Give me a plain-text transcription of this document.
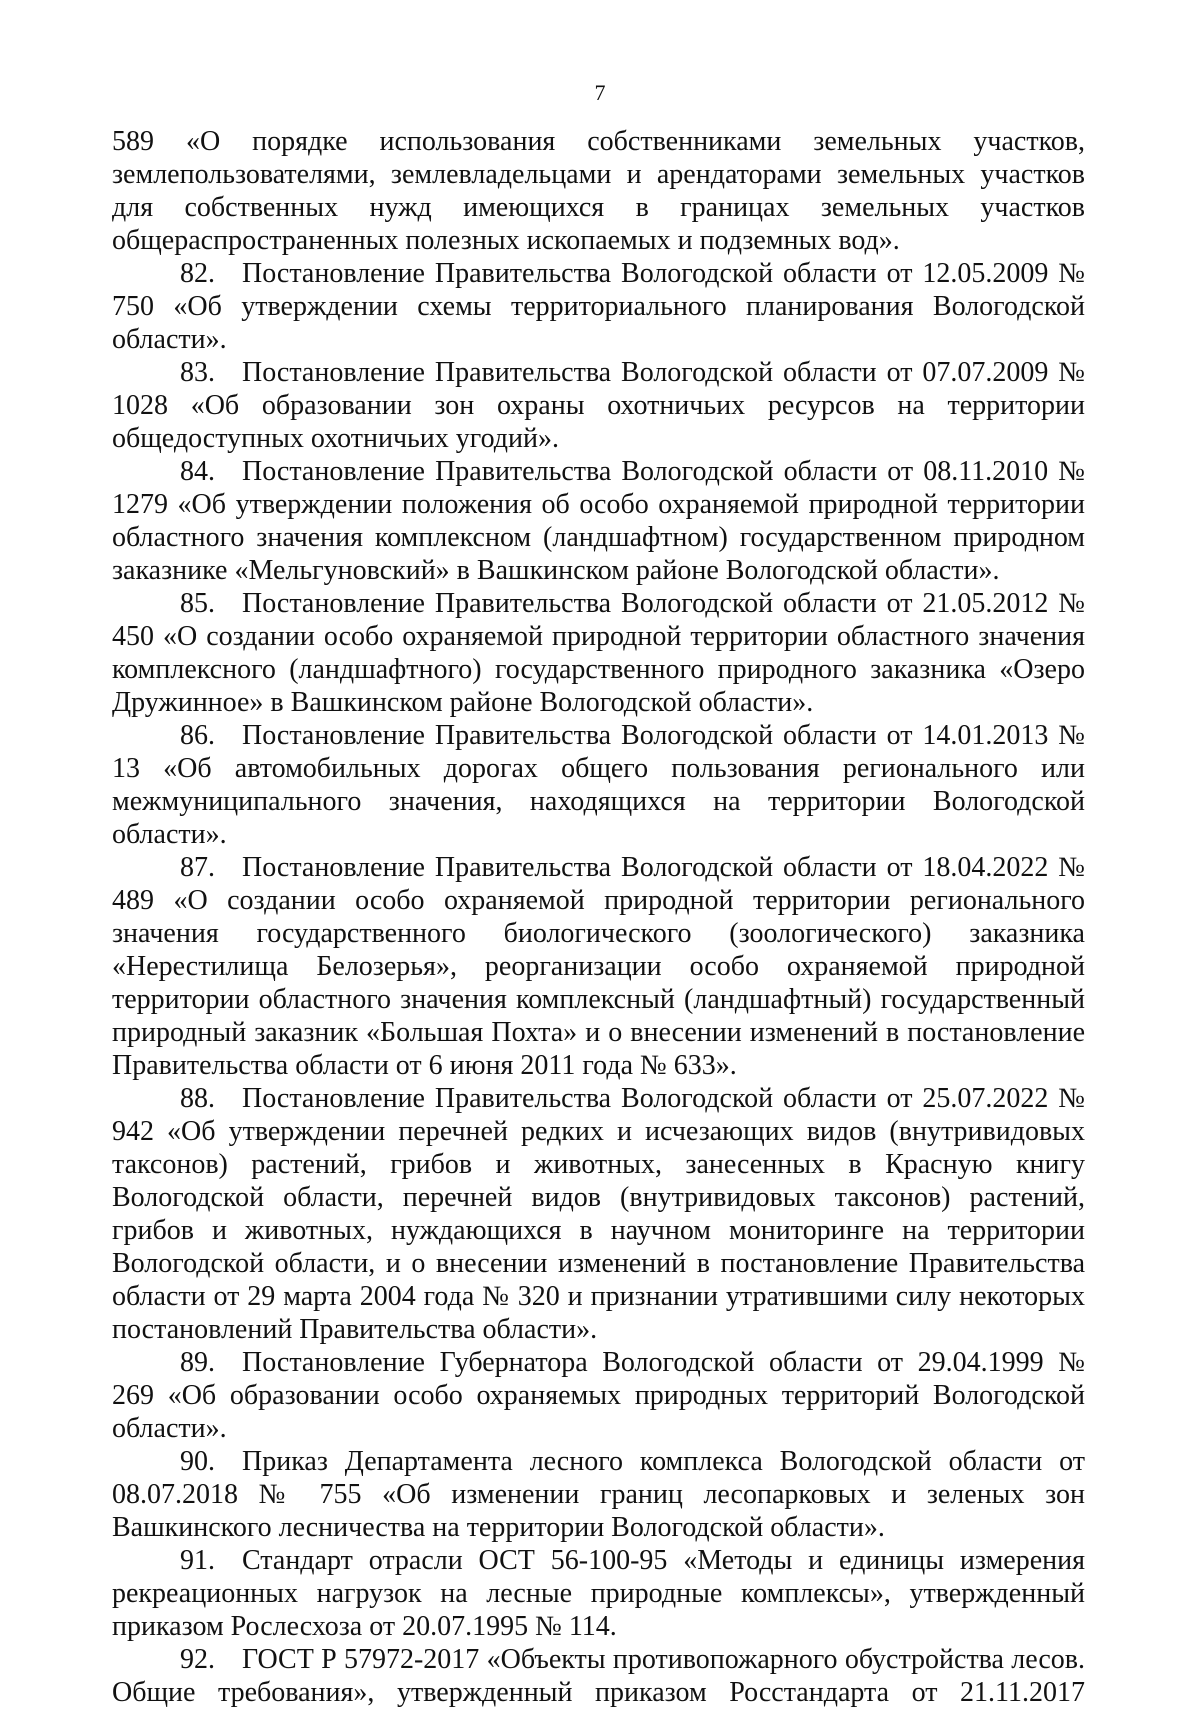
7

589 «О порядке использования собственниками земельных участков, землепользователями, землевладельцами и арендаторами земельных участков для собственных нужд имеющихся в границах земельных участков общераспространенных полезных ископаемых и подземных вод».

82. Постановление Правительства Вологодской области от 12.05.2009 № 750 «Об утверждении схемы территориального планирования Вологодской области».

83. Постановление Правительства Вологодской области от 07.07.2009 № 1028 «Об образовании зон охраны охотничьих ресурсов на территории общедоступных охотничьих угодий».

84. Постановление Правительства Вологодской области от 08.11.2010 № 1279 «Об утверждении положения об особо охраняемой природной территории областного значения комплексном (ландшафтном) государственном природном заказнике «Мельгуновский» в Вашкинском районе Вологодской области».

85. Постановление Правительства Вологодской области от 21.05.2012 № 450 «О создании особо охраняемой природной территории областного значения комплексного (ландшафтного) государственного природного заказника «Озеро Дружинное» в Вашкинском районе Вологодской области».

86. Постановление Правительства Вологодской области от 14.01.2013 № 13 «Об автомобильных дорогах общего пользования регионального или межмуниципального значения, находящихся на территории Вологодской области».

87. Постановление Правительства Вологодской области от 18.04.2022 № 489 «О создании особо охраняемой природной территории регионального значения государственного биологического (зоологического) заказника «Нерестилища Белозерья», реорганизации особо охраняемой природной территории областного значения комплексный (ландшафтный) государственный природный заказник «Большая Похта» и о внесении изменений в постановление Правительства области от 6 июня 2011 года № 633».

88. Постановление Правительства Вологодской области от 25.07.2022 № 942 «Об утверждении перечней редких и исчезающих видов (внутривидовых таксонов) растений, грибов и животных, занесенных в Красную книгу Вологодской области, перечней видов (внутривидовых таксонов) растений, грибов и животных, нуждающихся в научном мониторинге на территории Вологодской области, и о внесении изменений в постановление Правительства области от 29 марта 2004 года № 320 и признании утратившими силу некоторых постановлений Правительства области».

89. Постановление Губернатора Вологодской области от 29.04.1999 № 269 «Об образовании особо охраняемых природных территорий Вологодской области».

90. Приказ Департамента лесного комплекса Вологодской области от 08.07.2018 № 755 «Об изменении границ лесопарковых и зеленых зон Вашкинского лесничества на территории Вологодской области».

91. Стандарт отрасли ОСТ 56-100-95 «Методы и единицы измерения рекреационных нагрузок на лесные природные комплексы», утвержденный приказом Рослесхоза от 20.07.1995 № 114.

92. ГОСТ Р 57972-2017 «Объекты противопожарного обустройства лесов. Общие требования», утвержденный приказом Росстандарта от 21.11.2017
